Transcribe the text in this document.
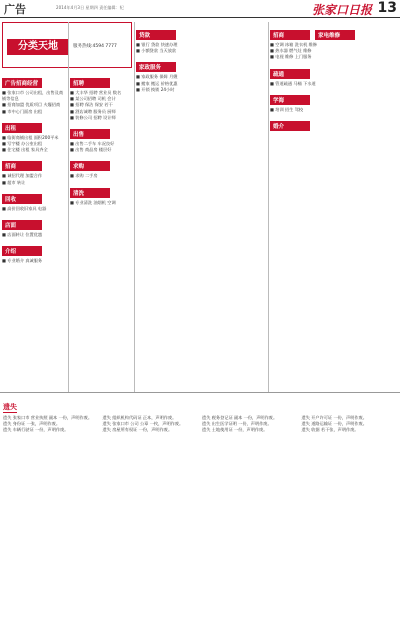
广告	2014年4月3日 星期四 责任编辑：纪	张家口日报 13
分类天地	服务热线:4594 7777
广告招商经营

■ 张家口市 公司出租，出售及商铺等信息

■ 招商加盟 优质项目 火爆招商

■ 市中心门面房 出租

出租

■ 临街商铺出租 面积200平米

■ 写字楼 办公室出租

■ 住宅楼 出租 家具齐全

招商

■ 诚招代理 加盟合作

■ 超市 转让

回收

■ 高价回收旧家具 电器

店面

■ 店面转让 位置优越

介绍

■ 专业婚介 真诚服务

招聘

■ 大丰华 招聘 营业员 数名

■ 某公司招聘 司机 会计

■ 招聘 保洁 保安 若干

■ 酒店诚聘 服务员 厨师

■ 装修公司 招聘 设计师

出售

■ 出售二手车 车况良好

■ 出售 商品房 楼层好

求购

■ 求购 二手房

清洗

■ 专业清洗 油烟机 空调

贷款

■ 银行 贷款 快速办理

■ 小额贷款 当天放款

家政服务

■ 家政服务 保姆 月嫂

■ 搬家 搬运 价格优惠

■ 开锁 换锁 24小时

招商	家电维修

■ 空调 冰箱 洗衣机 维修

■ 热水器 燃气灶 维修

■ 电视 维修 上门服务

疏通

■ 管道疏通 马桶 下水道

学海

■ 培训 招生 驾校

婚介
遗失
遗失 张家口市 营业执照 副本 一份，声明作废。	遗失 组织机构代码证 正本，声明作废。	遗失 税务登记证 副本 一份，声明作废。	遗失 开户许可证 一份，声明作废。
遗失 身份证 一张，声明作废。	遗失 张家口市 公司 公章 一枚，声明作废。	遗失 出生医学证明 一份，声明作废。	遗失 道路运输证 一份，声明作废。
遗失 车辆行驶证 一份，声明作废。	遗失 房屋所有权证 一份，声明作废。	遗失 土地使用证 一份，声明作废。	遗失 收据 若干张，声明作废。
